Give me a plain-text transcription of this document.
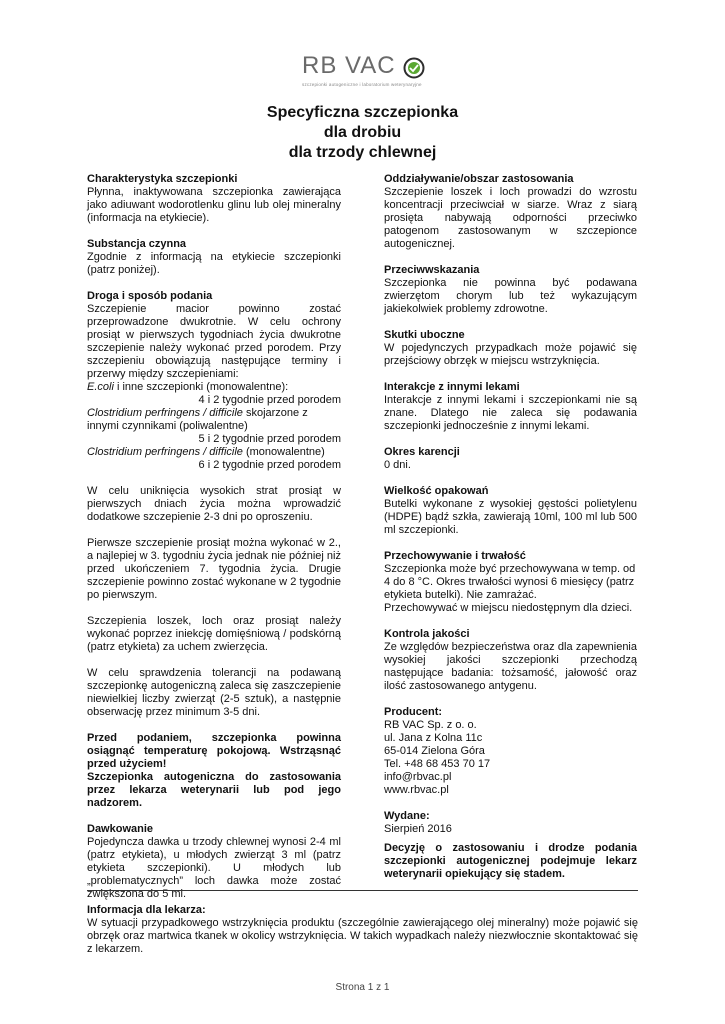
RB VAC
szczepionki autogeniczne i laboratorium weterynaryjne
Specyficzna szczepionka
dla drobiu
dla trzody chlewnej
Charakterystyka szczepionki
Płynna, inaktywowana szczepionka zawierająca jako adiuwant wodorotlenku glinu lub olej mineralny (informacja na etykiecie).
Substancja czynna
Zgodnie z informacją na etykiecie szczepionki (patrz poniżej).
Droga i sposób podania
Szczepienie macior powinno zostać przeprowadzone dwukrotnie. W celu ochrony prosiąt w pierwszych tygodniach życia dwukrotne szczepienie należy wykonać przed porodem. Przy szczepieniu obowiązują następujące terminy i przerwy między szczepieniami:
E.coli i inne szczepionki (monowalentne):
4 i 2 tygodnie przed porodem
Clostridium perfringens / difficile skojarzone z innymi czynnikami (poliwalentne)
5 i 2 tygodnie przed porodem
Clostridium perfringens / difficile (monowalentne)
6 i 2 tygodnie przed porodem
W celu uniknięcia wysokich strat prosiąt w pierwszych dniach życia można wprowadzić dodatkowe szczepienie 2-3 dni po oproszeniu.
Pierwsze szczepienie prosiąt można wykonać w 2., a najlepiej w 3. tygodniu życia jednak nie później niż przed ukończeniem 7. tygodnia życia. Drugie szczepienie powinno zostać wykonane w 2 tygodnie po pierwszym.
Szczepienia loszek, loch oraz prosiąt należy wykonać poprzez iniekcję domięśniową / podskórną (patrz etykieta) za uchem zwierzęcia.
W celu sprawdzenia tolerancji na podawaną szczepionkę autogeniczną zaleca się zaszczepienie niewielkiej liczby zwierząt (2-5 sztuk), a następnie obserwację przez minimum 3-5 dni.
Przed podaniem, szczepionka powinna osiągnąć temperaturę pokojową. Wstrząsnąć przed użyciem!
Szczepionka autogeniczna do zastosowania przez lekarza weterynarii lub pod jego nadzorem.
Dawkowanie
Pojedyncza dawka u trzody chlewnej wynosi 2-4 ml (patrz etykieta), u młodych zwierząt 3 ml (patrz etykieta szczepionki). U młodych lub „problematycznych” loch dawka może zostać zwiększona do 5 ml.
Oddziaływanie/obszar zastosowania
Szczepienie loszek i loch prowadzi do wzrostu koncentracji przeciwciał w siarze. Wraz z siarą prosięta nabywają odporności przeciwko patogenom zastosowanym w szczepionce autogenicznej.
Przeciwwskazania
Szczepionka nie powinna być podawana zwierzętom chorym lub też wykazującym jakiekolwiek problemy zdrowotne.
Skutki uboczne
W pojedynczych przypadkach może pojawić się przejściowy obrzęk w miejscu wstrzyknięcia.
Interakcje z innymi lekami
Interakcje z innymi lekami i szczepionkami nie są znane. Dlatego nie zaleca się podawania szczepionki jednocześnie z innymi lekami.
Okres karencji
0 dni.
Wielkość opakowań
Butelki wykonane z wysokiej gęstości polietylenu (HDPE) bądź szkła, zawierają 10ml, 100 ml lub 500 ml szczepionki.
Przechowywanie i trwałość
Szczepionka może być przechowywana w temp. od 4 do 8 °C. Okres trwałości wynosi 6 miesięcy (patrz etykieta butelki). Nie zamrażać.
Przechowywać w miejscu niedostępnym dla dzieci.
Kontrola jakości
Ze względów bezpieczeństwa oraz dla zapewnienia wysokiej jakości szczepionki przechodzą następujące badania: tożsamość, jałowość oraz ilość zastosowanego antygenu.
Producent:
RB VAC Sp. z o. o.
ul. Jana z Kolna 11c
65-014 Zielona Góra
Tel. +48 68 453 70 17
info@rbvac.pl
www.rbvac.pl
Wydane:
Sierpień 2016
Decyzję o zastosowaniu i drodze podania szczepionki autogenicznej podejmuje lekarz weterynarii opiekujący się stadem.
Informacja dla lekarza:
W sytuacji przypadkowego wstrzyknięcia produktu (szczególnie zawierającego olej mineralny) może pojawić się obrzęk oraz martwica tkanek w okolicy wstrzyknięcia. W takich wypadkach należy niezwłocznie skontaktować się z lekarzem.
Strona 1 z 1
